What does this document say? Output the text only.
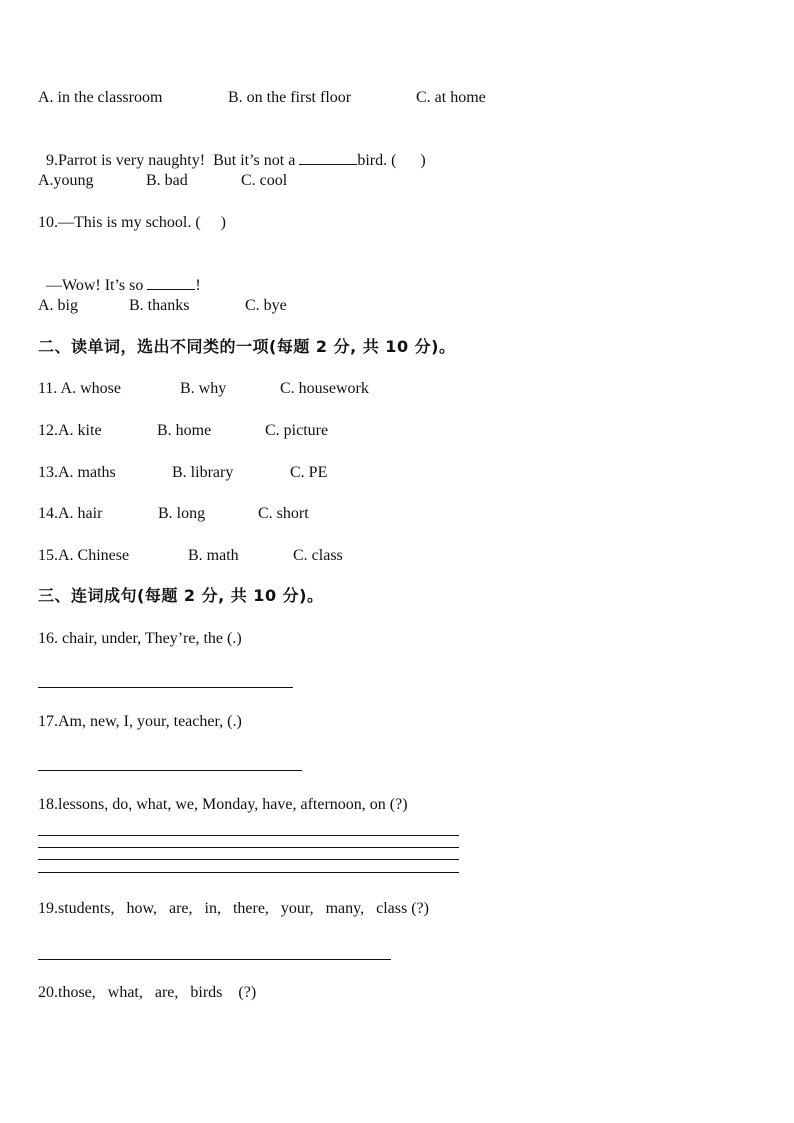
A. in the classroom	B. on the first floor	C. at home

9.Parrot is very naughty!  But it’s not a	bird. (      )

A.young	B. bad	C. cool
10.—This is my school. (     )

—Wow! It’s so	!

A. big	B. thanks	C. bye
二、读单词，选出不同类的一项(每题 2 分, 共 10 分)。
11. A. whose	B. why	C. housework
12.A. kite	B. home	C. picture
13.A. maths	B. library	C. PE
14.A. hair	B. long	C. short
15.A. Chinese	B. math	C. class
三、连词成句(每题 2 分, 共 10 分)。
16. chair, under, They’re, the (.)
17.Am, new, I, your, teacher, (.)
18.lessons, do, what, we, Monday, have, afternoon, on (?)
19.students,   how,   are,   in,   there,   your,   many,   class (?)
20.those,   what,   are,   birds    (?)
